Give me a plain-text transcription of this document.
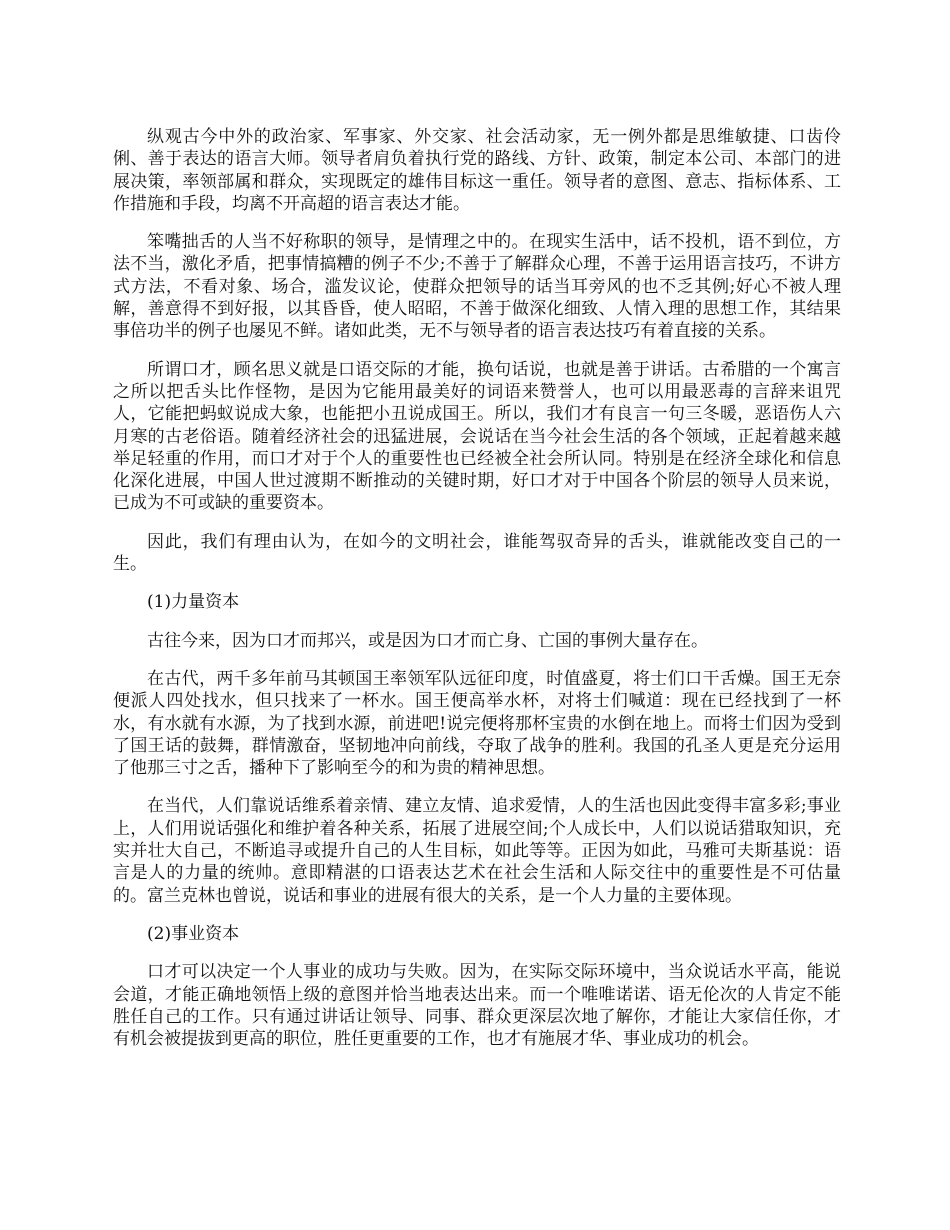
纵观古今中外的政治家、军事家、外交家、社会活动家，无一例外都是思维敏捷、口齿伶俐、善于表达的语言大师。领导者肩负着执行党的路线、方针、政策，制定本公司、本部门的进展决策，率领部属和群众，实现既定的雄伟目标这一重任。领导者的意图、意志、指标体系、工作措施和手段，均离不开高超的语言表达才能。

笨嘴拙舌的人当不好称职的领导，是情理之中的。在现实生活中，话不投机，语不到位，方法不当，激化矛盾，把事情搞糟的例子不少;不善于了解群众心理，不善于运用语言技巧，不讲方式方法，不看对象、场合，滥发议论，使群众把领导的话当耳旁风的也不乏其例;好心不被人理解，善意得不到好报，以其昏昏，使人昭昭，不善于做深化细致、人情入理的思想工作，其结果事倍功半的例子也屡见不鲜。诸如此类，无不与领导者的语言表达技巧有着直接的关系。

所谓口才，顾名思义就是口语交际的才能，换句话说，也就是善于讲话。古希腊的一个寓言之所以把舌头比作怪物，是因为它能用最美好的词语来赞誉人，也可以用最恶毒的言辞来诅咒人，它能把蚂蚁说成大象，也能把小丑说成国王。所以，我们才有良言一句三冬暖，恶语伤人六月寒的古老俗语。随着经济社会的迅猛进展，会说话在当今社会生活的各个领域，正起着越来越举足轻重的作用，而口才对于个人的重要性也已经被全社会所认同。特别是在经济全球化和信息化深化进展，中国人世过渡期不断推动的关键时期，好口才对于中国各个阶层的领导人员来说，已成为不可或缺的重要资本。

因此，我们有理由认为，在如今的文明社会，谁能驾驭奇异的舌头，谁就能改变自己的一生。

(1)力量资本

古往今来，因为口才而邦兴，或是因为口才而亡身、亡国的事例大量存在。

在古代，两千多年前马其顿国王率领军队远征印度，时值盛夏，将士们口干舌燥。国王无奈便派人四处找水，但只找来了一杯水。国王便高举水杯，对将士们喊道：现在已经找到了一杯水，有水就有水源，为了找到水源，前进吧!说完便将那杯宝贵的水倒在地上。而将士们因为受到了国王话的鼓舞，群情激奋，坚韧地冲向前线，夺取了战争的胜利。我国的孔圣人更是充分运用了他那三寸之舌，播种下了影响至今的和为贵的精神思想。

在当代，人们靠说话维系着亲情、建立友情、追求爱情，人的生活也因此变得丰富多彩;事业上，人们用说话强化和维护着各种关系，拓展了进展空间;个人成长中，人们以说话猎取知识，充实并壮大自己，不断追寻或提升自己的人生目标，如此等等。正因为如此，马雅可夫斯基说：语言是人的力量的统帅。意即精湛的口语表达艺术在社会生活和人际交往中的重要性是不可估量的。富兰克林也曾说，说话和事业的进展有很大的关系，是一个人力量的主要体现。

(2)事业资本

口才可以决定一个人事业的成功与失败。因为，在实际交际环境中，当众说话水平高，能说会道，才能正确地领悟上级的意图并恰当地表达出来。而一个唯唯诺诺、语无伦次的人肯定不能胜任自己的工作。只有通过讲话让领导、同事、群众更深层次地了解你，才能让大家信任你，才有机会被提拔到更高的职位，胜任更重要的工作，也才有施展才华、事业成功的机会。
